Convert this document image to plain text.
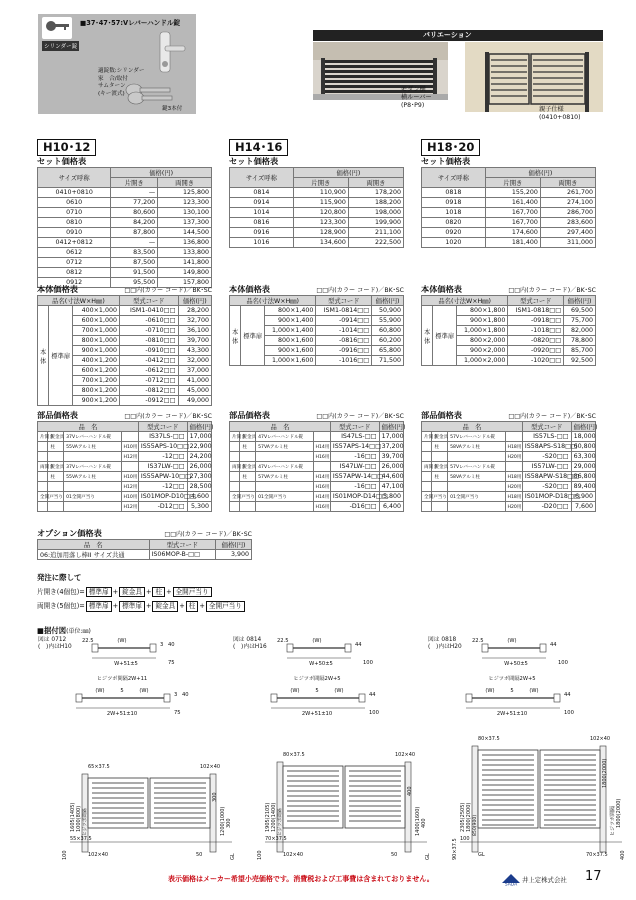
■37･47･57:Vレバーハンドル錠
シリンダー錠
適錠数:シリンダー
家　合/取付
サムターン
(キー渡式)
鍵3本付
バリエーション
モダン横
横ルーバー
(P8･P9)
親子仕様
(0410+0810)
H10･12
セット価格表
サイズ呼称	価格(円)	
	片開き	両開き
0410+0810	—	125,800
0610	77,200	123,300
0710	80,600	130,100
0810	84,200	137,300
0910	87,800	144,500
0412+0812	—	136,800
0612	83,500	133,800
0712	87,500	141,800
0812	91,500	149,800
0912	95,500	157,800
H14･16
セット価格表
サイズ呼称	価格(円)	
	片開き	両開き
0814	110,900	178,200
0914	115,900	188,200
1014	120,800	198,000
0816	123,300	199,900
0916	128,900	211,100
1016	134,600	222,500
H18･20
セット価格表
サイズ呼称	価格(円)	
	片開き	両開き
0818	155,200	261,700
0918	161,400	274,100
1018	167,700	286,700
0820	167,700	283,600
0920	174,600	297,400
1020	181,400	311,000
本体価格表	□□内(カラー コード)／BK･SC
品名(寸法W×H㎜)			型式コード	価格(円)
本体	標準扉	400×1,000	ISM1-0410□□	28,200
		600×1,000	-0610□□	32,700
		700×1,000	-0710□□	36,100
		800×1,000	-0810□□	39,700
		900×1,000	-0910□□	43,300
		400×1,200	-0412□□	32,000
		600×1,200	-0612□□	37,000
		700×1,200	-0712□□	41,000
		800×1,200	-0812□□	45,000
		900×1,200	-0912□□	49,000
本体価格表	□□内(カラー コード)／BK･SC
品名(寸法W×H㎜)			型式コード	価格(円)
本体	標準扉	800×1,400	ISM1-0814□□	50,900
		900×1,400	-0914□□	55,900
		1,000×1,400	-1014□□	60,800
		800×1,600	-0816□□	60,200
		900×1,600	-0916□□	65,800
		1,000×1,600	-1016□□	71,500
本体価格表	□□内(カラー コード)／BK･SC
品名(寸法W×H㎜)			型式コード	価格(円)
本体	標準扉	800×1,800	ISM1-0818□□	69,500
		900×1,800	-0918□□	75,700
		1,000×1,800	-1018□□	82,000
		800×2,000	-0820□□	78,800
		900×2,000	-0920□□	85,700
		1,000×2,000	-1020□□	92,500
部品価格表	□□内(カラー コード)／BK･SC
品　名				型式コード	価格(円)
片開き	錠金具	37Vレバーハンドル錠		IS37LS-□□	17,000
	柱	55VAアルミ柱	H10用	IS55APS-10□□	22,900
			H12用	-12□□	24,200
両開き	錠金具	37Vレバーハンドル錠		IS37LW-□□	26,000
	柱	55VAアルミ柱	H10用	IS55APW-10□□	27,300
			H12用	-12□□	28,500
全開戸当り		01全開戸当り	H10用	IS01MOP-D10□□	4,600
			H12用	-D12□□	5,300
部品価格表	□□内(カラー コード)／BK･SC
品　名				型式コード	価格(円)
片開き	錠金具	47Vレバーハンドル錠		IS47LS-□□	17,000
	柱	57VAアルミ柱	H14用	IS57APS-14□□	37,200
			H16用	-16□□	39,700
両開き	錠金具	47Vレバーハンドル錠		IS47LW-□□	26,000
	柱	57VAアルミ柱	H14用	IS57APW-14□□	44,600
			H16用	-16□□	47,100
全開戸当り		01全開戸当り	H14用	IS01MOP-D14□□	5,800
			H16用	-D16□□	6,400
部品価格表	□□内(カラー コード)／BK･SC
品　名				型式コード	価格(円)
片開き	錠金具	57Vレバーハンドル錠		IS57LS-□□	18,000
	柱	58VAアルミ柱	H18用	IS58APS-S18□□	60,800
			H20用	-S20□□	63,300
両開き	錠金具	57Vレバーハンドル錠		IS57LW-□□	29,000
	柱	58VAアルミ柱	H18用	IS58APW-S18□□	86,800
			H20用	-S20□□	89,400
全開戸当り		01全開戸当り	H18用	IS01MOP-D18□□	6,900
			H20用	-D20□□	7,600
オプション価格表	□□内(カラー コード)／BK･SC
品　名	型式コード	価格(円)
06:追加用落し棒II サイズ共通	IS06MOP-B-□□	3,900
発注に際して
片開き(4個包)= 標準扉 + 錠金具 + 柱 + 全開戸当り
両開き(5個包)= 標準扉 + 標準扉 + 錠金具 + 柱 + 全開戸当り
■据付図(単位:㎜)
図は 0712
(　)内はH10
22.5	(W)
3 40
W+51±5	75
ヒジツボ間隔2W+11
(W)	5	(W)
3 40
2W+51±10	75
65×37.5	102×40
1605(1405) 1000(800) ヒジツボ間隔	1200(1000) 300
100	GL
55×37.5
102×40	50
300
図は 0814
(　)内はH16
22.5	(W)
44
W+50±5	100
ヒジツボ間隔2W+5
(W)	5	(W)
44
2W+51±10	100
80×37.5	102×40
1905(2105) 1200(1400) ヒジツボ間隔	1400(1600) 400
100	GL
70×37.5
102×40	50
400
図は 0818
(　)内はH20
22.5	(W)
44
W+50±5	100
ヒジツボ間隔2W+5
(W)	5	(W)
44
2W+51±10	100
80×37.5	102×40
2305(2505) 1800(2000) 850(900)	ヒジツボ間隔 1800(2000)
90×37.5	400
100
GL	70×37.5
1800(2000)
表示価格はメーカー希望小売価格です。消費税および工事費は含まれておりません。
SADA
井上定株式会社 17
